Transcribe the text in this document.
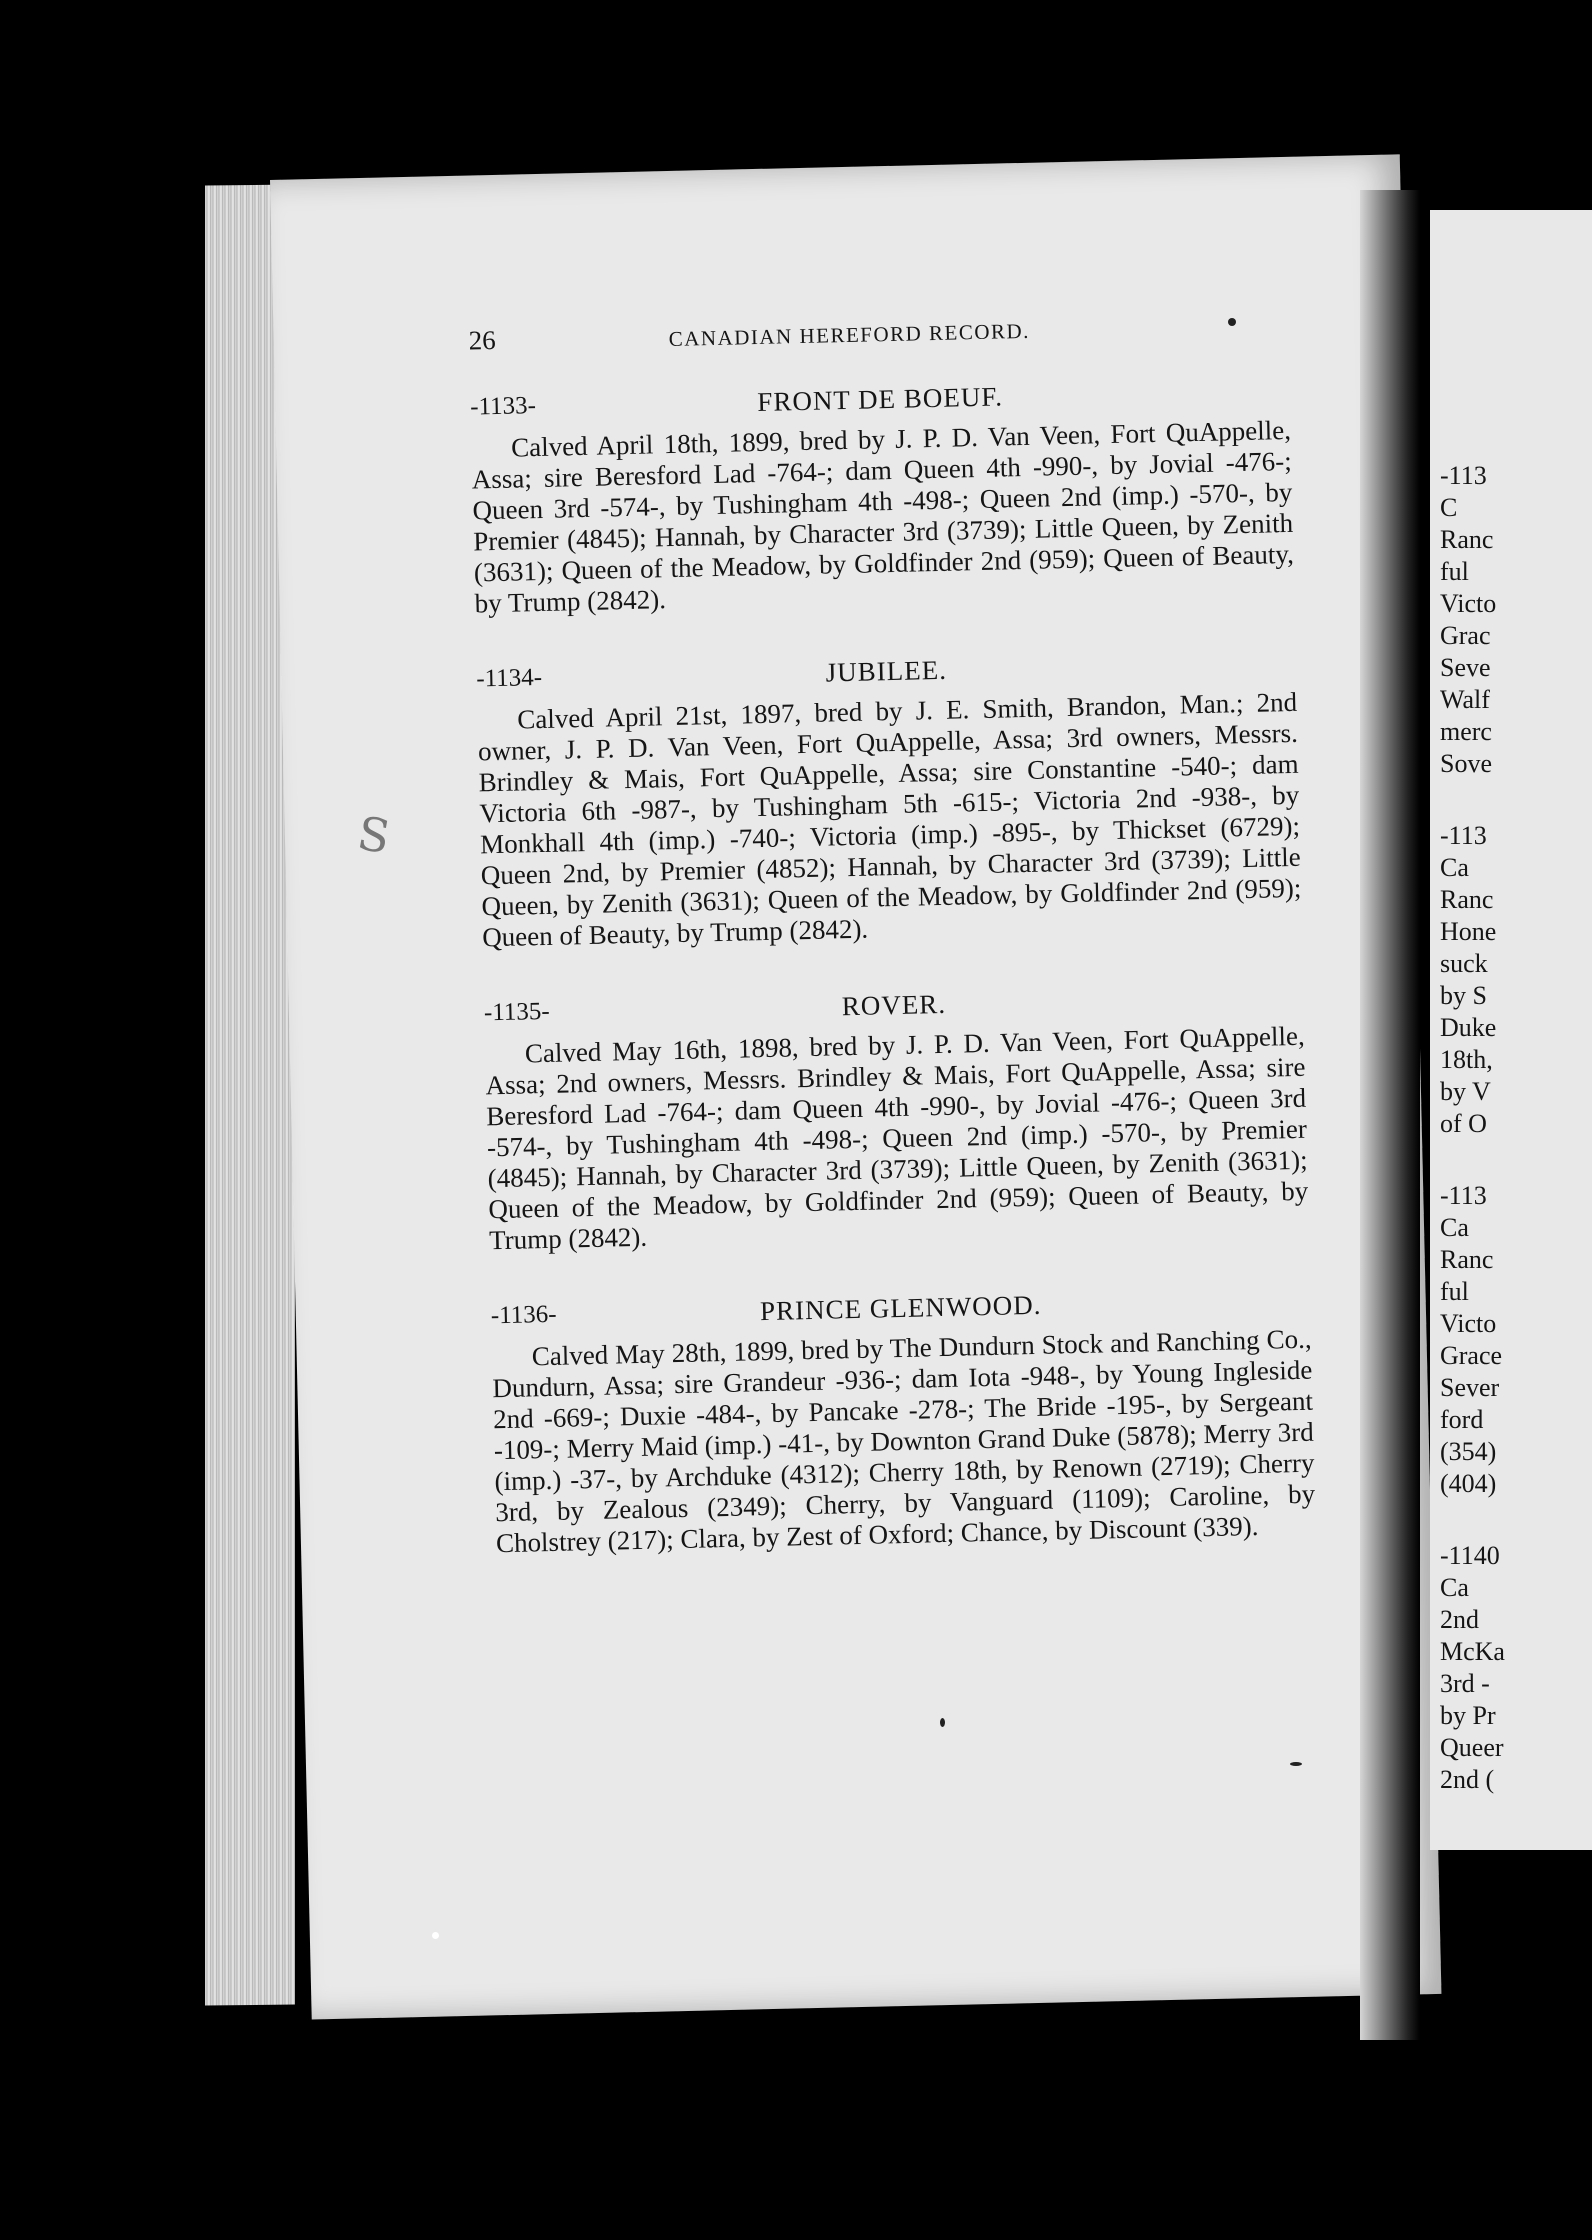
26	CANADIAN HEREFORD RECORD.
-1133-	FRONT DE BOEUF.

Calved April 18th, 1899, bred by J. P. D. Van Veen, Fort QuAppelle, Assa; sire Beresford Lad -764-; dam Queen 4th -990-, by Jovial -476-; Queen 3rd -574-, by Tushingham 4th -498-; Queen 2nd (imp.) -570-, by Premier (4845); Hannah, by Character 3rd (3739); Little Queen, by Zenith (3631); Queen of the Meadow, by Goldfinder 2nd (959); Queen of Beauty, by Trump (2842).

-1134-	JUBILEE.

Calved April 21st, 1897, bred by J. E. Smith, Brandon, Man.; 2nd owner, J. P. D. Van Veen, Fort QuAppelle, Assa; 3rd owners, Messrs. Brindley & Mais, Fort QuAppelle, Assa; sire Constantine -540-; dam Victoria 6th -987-, by Tushingham 5th -615-; Victoria 2nd -938-, by Monkhall 4th (imp.) -740-; Victoria (imp.) -895-, by Thickset (6729); Queen 2nd, by Premier (4852); Hannah, by Character 3rd (3739); Little Queen, by Zenith (3631); Queen of the Meadow, by Goldfinder 2nd (959); Queen of Beauty, by Trump (2842).

-1135-	ROVER.

Calved May 16th, 1898, bred by J. P. D. Van Veen, Fort QuAppelle, Assa; 2nd owners, Messrs. Brindley & Mais, Fort QuAppelle, Assa; sire Beresford Lad -764-; dam Queen 4th -990-, by Jovial -476-; Queen 3rd -574-, by Tushingham 4th -498-; Queen 2nd (imp.) -570-, by Premier (4845); Hannah, by Character 3rd (3739); Little Queen, by Zenith (3631); Queen of the Meadow, by Goldfinder 2nd (959); Queen of Beauty, by Trump (2842).

-1136-	PRINCE GLENWOOD.

Calved May 28th, 1899, bred by The Dundurn Stock and Ranching Co., Dundurn, Assa; sire Grandeur -936-; dam Iota -948-, by Young Ingleside 2nd -669-; Duxie -484-, by Pancake -278-; The Bride -195-, by Sergeant -109-; Merry Maid (imp.) -41-, by Downton Grand Duke (5878); Merry 3rd (imp.) -37-, by Archduke (4312); Cherry 18th, by Renown (2719); Cherry 3rd, by Zealous (2349); Cherry, by Vanguard (1109); Caroline, by Cholstrey (217); Clara, by Zest of Oxford; Chance, by Discount (339).

S
-113
C
Ranc
ful
Victo
Grac
Seve
Walf
merc
Sove
-113
Ca
Ranc
Hone
suck
by S
Duke
18th,
by V
of O
-113
Ca
Ranc
ful
Victo
Grace
Sever
ford
(354)
(404)
-1140
Ca
2nd
McKa
3rd -
by Pr
Queer
2nd (
